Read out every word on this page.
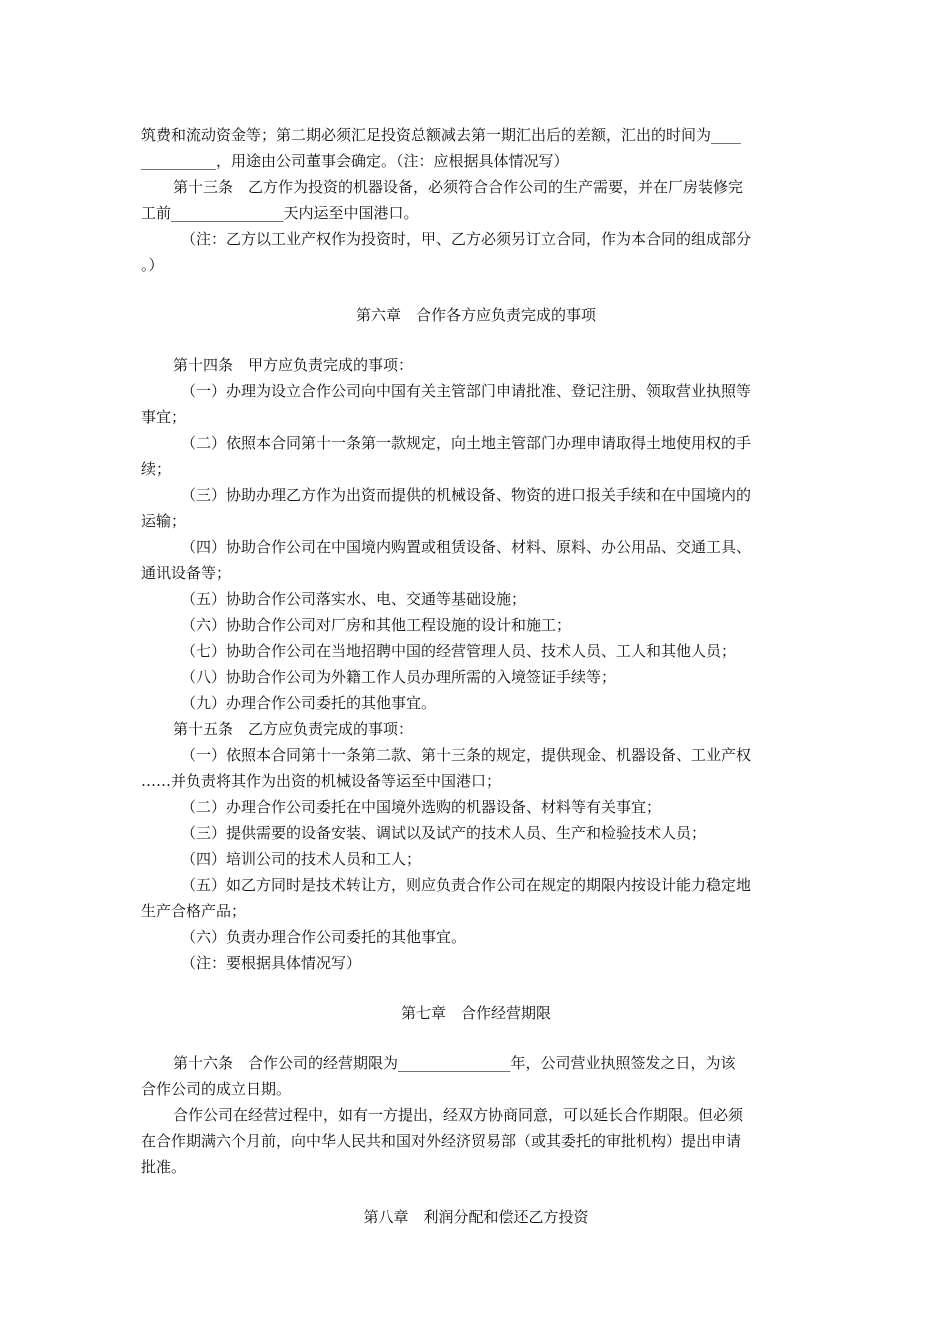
筑费和流动资金等；第二期必须汇足投资总额减去第一期汇出后的差额，汇出的时间为____
__________，用途由公司董事会确定。（注：应根据具体情况写）
第十三条 乙方作为投资的机器设备，必须符合合作公司的生产需要，并在厂房装修完
工前_______________天内运至中国港口。
（注：乙方以工业产权作为投资时，甲、乙方必须另订立合同，作为本合同的组成部分
。）
第六章 合作各方应负责完成的事项
第十四条 甲方应负责完成的事项：
（一）办理为设立合作公司向中国有关主管部门申请批准、登记注册、领取营业执照等
事宜；
（二）依照本合同第十一条第一款规定，向土地主管部门办理申请取得土地使用权的手
续；
（三）协助办理乙方作为出资而提供的机械设备、物资的进口报关手续和在中国境内的
运输；
（四）协助合作公司在中国境内购置或租赁设备、材料、原料、办公用品、交通工具、
通讯设备等；
（五）协助合作公司落实水、电、交通等基础设施；
（六）协助合作公司对厂房和其他工程设施的设计和施工；
（七）协助合作公司在当地招聘中国的经营管理人员、技术人员、工人和其他人员；
（八）协助合作公司为外籍工作人员办理所需的入境签证手续等；
（九）办理合作公司委托的其他事宜。
第十五条 乙方应负责完成的事项：
（一）依照本合同第十一条第二款、第十三条的规定，提供现金、机器设备、工业产权
……并负责将其作为出资的机械设备等运至中国港口；
（二）办理合作公司委托在中国境外选购的机器设备、材料等有关事宜；
（三）提供需要的设备安装、调试以及试产的技术人员、生产和检验技术人员；
（四）培训公司的技术人员和工人；
（五）如乙方同时是技术转让方，则应负责合作公司在规定的期限内按设计能力稳定地
生产合格产品；
（六）负责办理合作公司委托的其他事宜。
（注：要根据具体情况写）
第七章 合作经营期限
第十六条 合作公司的经营期限为_______________年，公司营业执照签发之日，为该
合作公司的成立日期。
合作公司在经营过程中，如有一方提出，经双方协商同意，可以延长合作期限。但必须
在合作期满六个月前，向中华人民共和国对外经济贸易部（或其委托的审批机构）提出申请
批准。
第八章 利润分配和偿还乙方投资
